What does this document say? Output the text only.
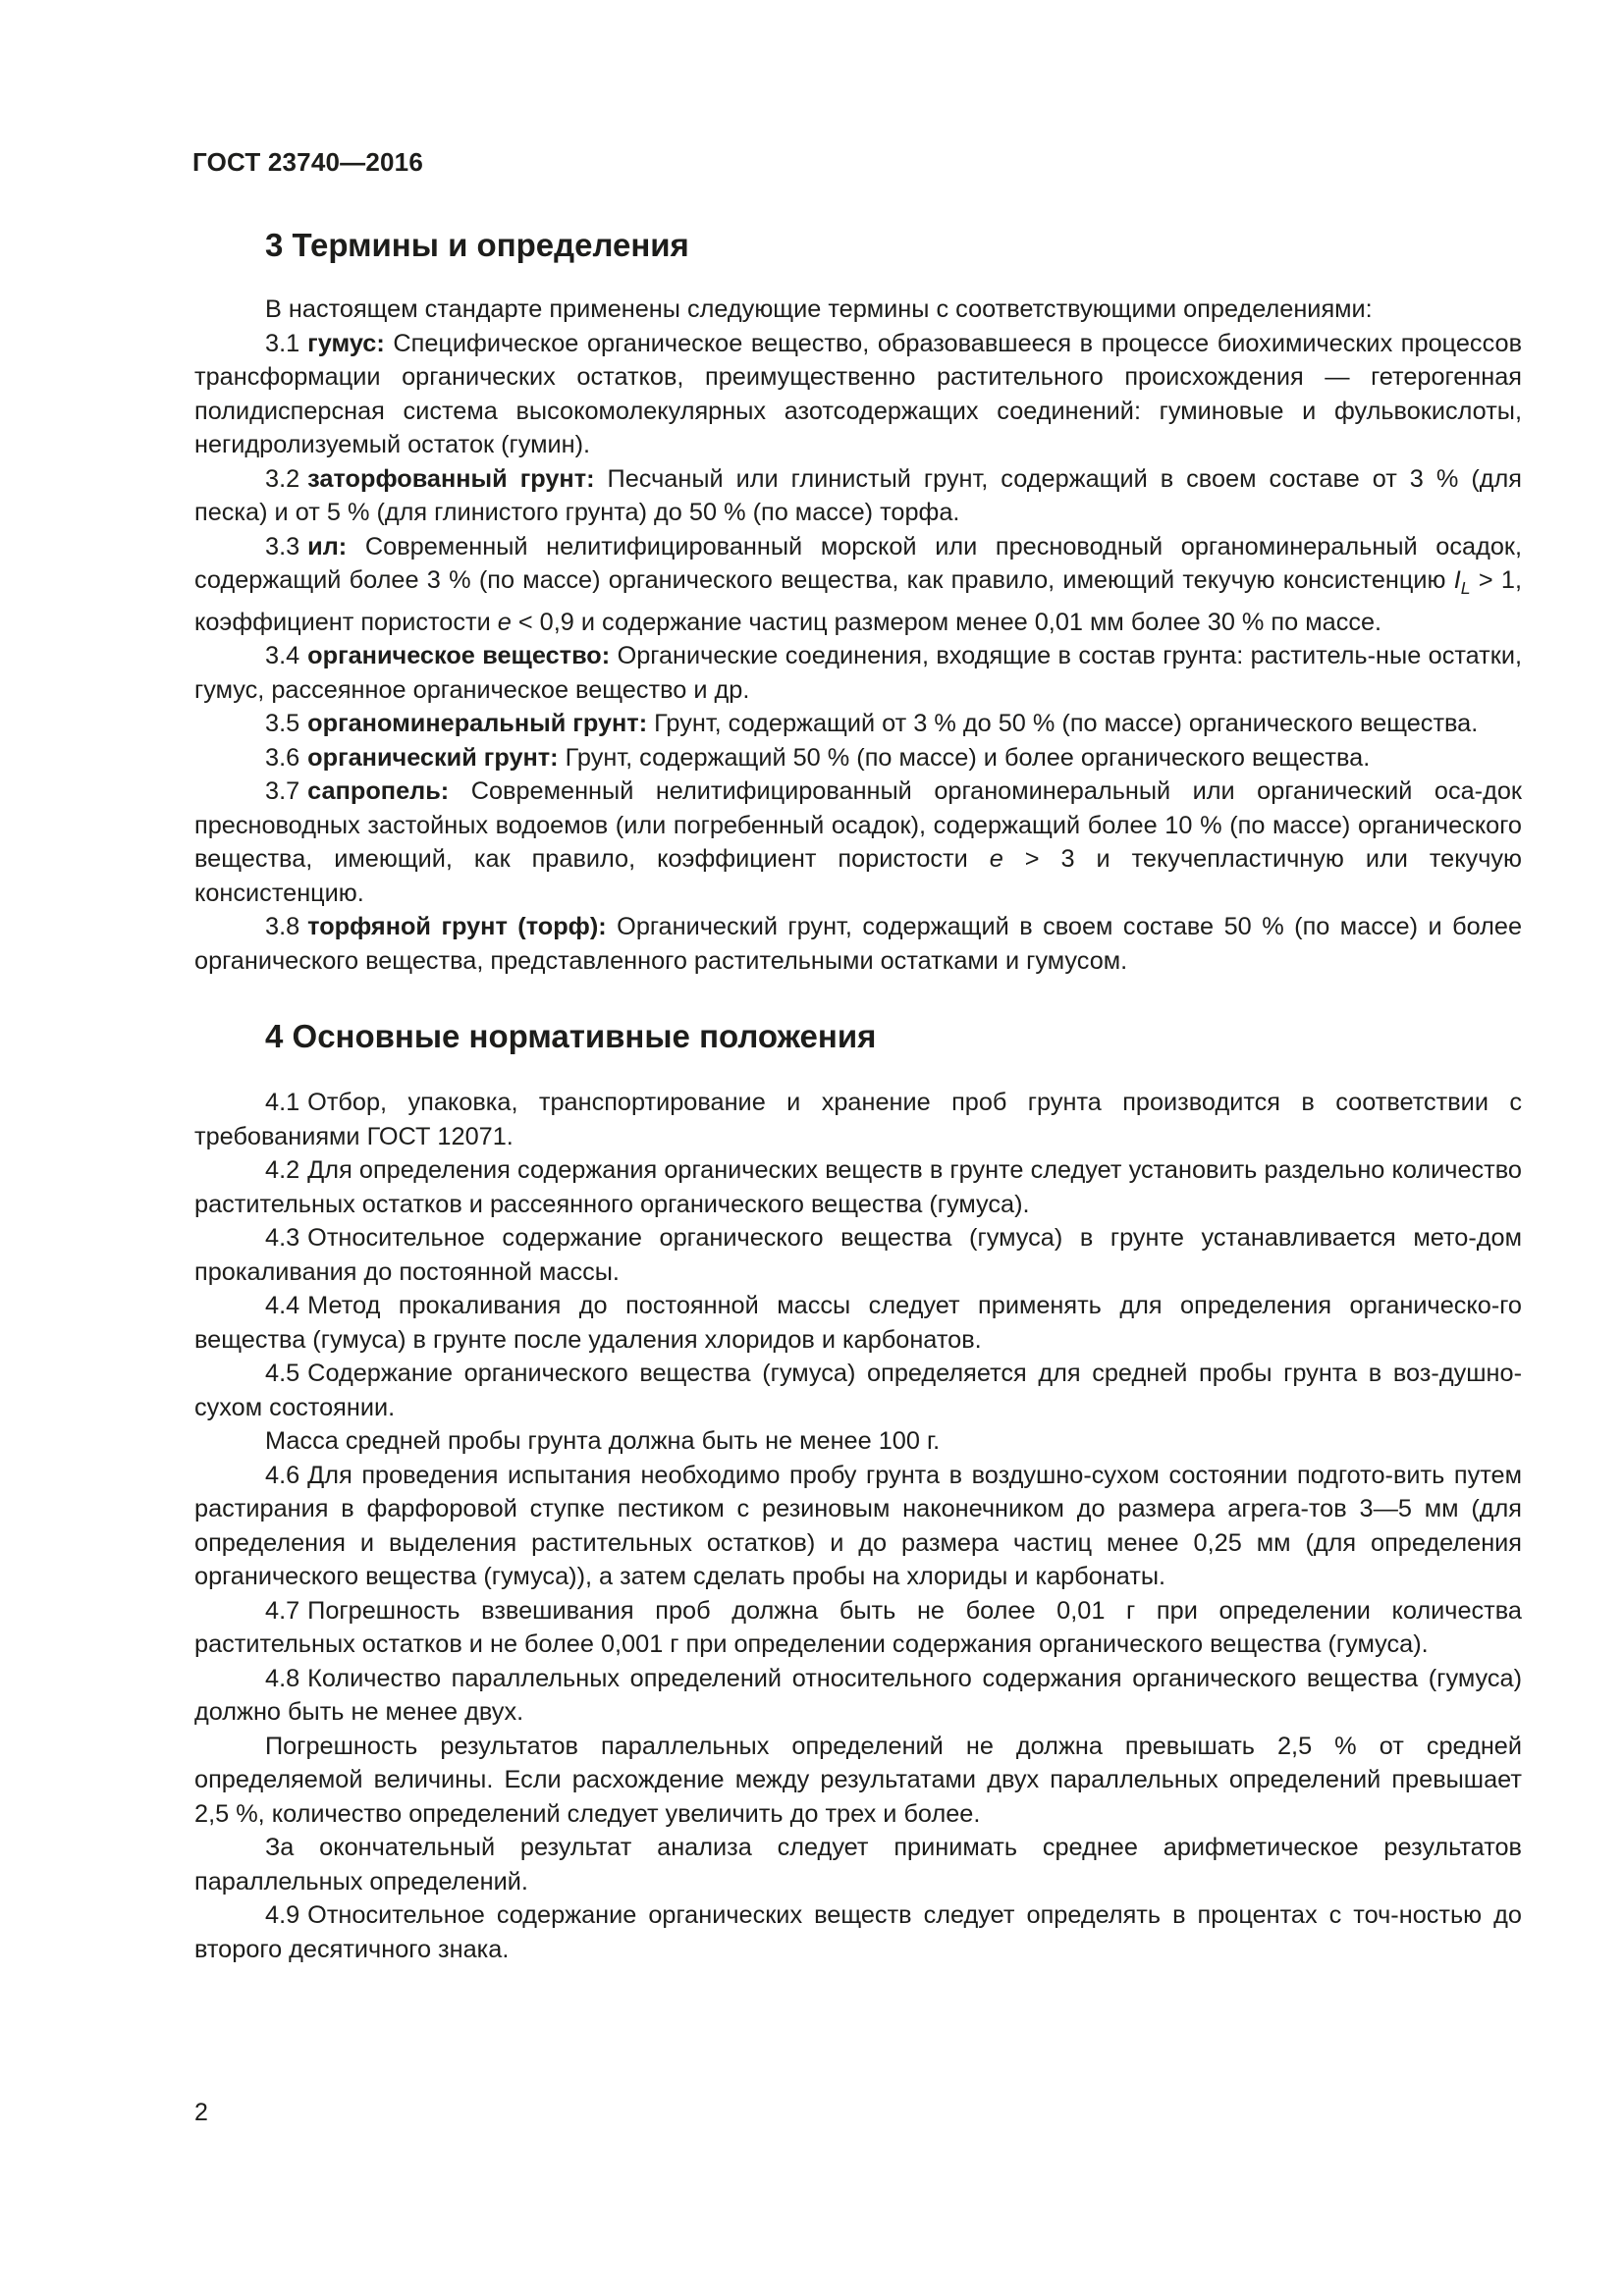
ГОСТ 23740—2016
3 Термины и определения

В настоящем стандарте применены следующие термины с соответствующими определениями:

3.1 гумус: Специфическое органическое вещество, образовавшееся в процессе биохимических процессов трансформации органических остатков, преимущественно растительного происхождения — гетерогенная полидисперсная система высокомолекулярных азотсодержащих соединений: гуминовые и фульвокислоты, негидролизуемый остаток (гумин).

3.2 заторфованный грунт: Песчаный или глинистый грунт, содержащий в своем составе от 3 % (для песка) и от 5 % (для глинистого грунта) до 50 % (по массе) торфа.

3.3 ил: Современный нелитифицированный морской или пресноводный органоминеральный осадок, содержащий более 3 % (по массе) органического вещества, как правило, имеющий текучую консистенцию $I_L > 1$, коэффициент пористости e < 0,9 и содержание частиц размером менее 0,01 мм более 30 % по массе.

3.4 органическое вещество: Органические соединения, входящие в состав грунта: раститель-ные остатки, гумус, рассеянное органическое вещество и др.

3.5 органоминеральный грунт: Грунт, содержащий от 3 % до 50 % (по массе) органического вещества.

3.6 органический грунт: Грунт, содержащий 50 % (по массе) и более органического вещества.

3.7 сапропель: Современный нелитифицированный органоминеральный или органический оса-док пресноводных застойных водоемов (или погребенный осадок), содержащий более 10 % (по массе) органического вещества, имеющий, как правило, коэффициент пористости e > 3 и текучепластичную или текучую консистенцию.

3.8 торфяной грунт (торф): Органический грунт, содержащий в своем составе 50 % (по массе) и более органического вещества, представленного растительными остатками и гумусом.

4 Основные нормативные положения

4.1 Отбор, упаковка, транспортирование и хранение проб грунта производится в соответствии с требованиями ГОСТ 12071.

4.2 Для определения содержания органических веществ в грунте следует установить раздельно количество растительных остатков и рассеянного органического вещества (гумуса).

4.3 Относительное содержание органического вещества (гумуса) в грунте устанавливается мето-дом прокаливания до постоянной массы.

4.4 Метод прокаливания до постоянной массы следует применять для определения органическо-го вещества (гумуса) в грунте после удаления хлоридов и карбонатов.

4.5 Содержание органического вещества (гумуса) определяется для средней пробы грунта в воз-душно-сухом состоянии.

Масса средней пробы грунта должна быть не менее 100 г.

4.6 Для проведения испытания необходимо пробу грунта в воздушно-сухом состоянии подгото-вить путем растирания в фарфоровой ступке пестиком с резиновым наконечником до размера агрега-тов 3—5 мм (для определения и выделения растительных остатков) и до размера частиц менее 0,25 мм (для определения органического вещества (гумуса)), а затем сделать пробы на хлориды и карбонаты.

4.7 Погрешность взвешивания проб должна быть не более 0,01 г при определении количества растительных остатков и не более 0,001 г при определении содержания органического вещества (гумуса).

4.8 Количество параллельных определений относительного содержания органического вещества (гумуса) должно быть не менее двух.

Погрешность результатов параллельных определений не должна превышать 2,5 % от средней определяемой величины. Если расхождение между результатами двух параллельных определений превышает 2,5 %, количество определений следует увеличить до трех и более.

За окончательный результат анализа следует принимать среднее арифметическое результатов параллельных определений.

4.9 Относительное содержание органических веществ следует определять в процентах с точ-ностью до второго десятичного знака.

2
